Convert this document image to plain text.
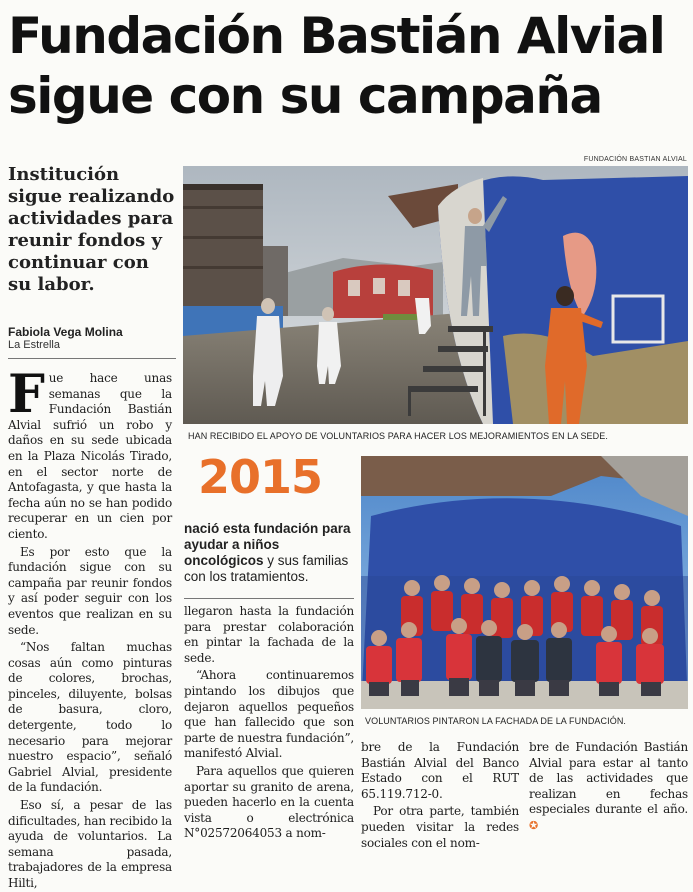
Fundación Bastián Alvial
sigue con su campaña
Institución sigue realizando actividades para reunir fondos y continuar con su labor.
Fabiola Vega Molina
La Estrella
FUNDACIÓN BASTIAN ALVIAL
HAN RECIBIDO EL APOYO DE VOLUNTARIOS PARA HACER LOS MEJORAMIENTOS EN LA SEDE.
2015
nació esta fundación para ayudar a niños oncológicos y sus familias con los tratamientos.
VOLUNTARIOS PINTARON LA FACHADA DE LA FUNDACIÓN.

Fue hace unas semanas que la Fundación Bastián Alvial sufrió un robo y daños en su sede ubicada en la Plaza Nicolás Tirado, en el sector norte de Antofagasta, y que hasta la fecha aún no se han podido recuperar en un cien por ciento.

Es por esto que la fundación sigue con su campaña par reunir fondos y así poder seguir con los eventos que realizan en su sede.

“Nos faltan muchas cosas aún como pinturas de colores, brochas, pinceles, diluyente, bolsas de basura, cloro, detergente, todo lo necesario para mejorar nuestro espacio”, señaló Gabriel Alvial, presidente de la fundación.

Eso sí, a pesar de las dificultades, han recibido la ayuda de voluntarios. La semana pasada, trabajadores de la empresa Hilti,

llegaron hasta la fundación para prestar colaboración en pintar la fachada de la sede.

“Ahora continuaremos pintando los dibujos que dejaron aquellos pequeños que han fallecido que son parte de nuestra fundación”, manifestó Alvial.

Para aquellos que quieren aportar su granito de arena, pueden hacerlo en la cuenta vista o electrónica N°02572064053 a nom-

bre de la Fundación Bastián Alvial del Banco Estado con el RUT 65.119.712-0.

Por otra parte, también pueden visitar la redes sociales con el nom-

bre de Fundación Bastián Alvial para estar al tanto de las actividades que realizan en fechas especiales durante el año. ✪
